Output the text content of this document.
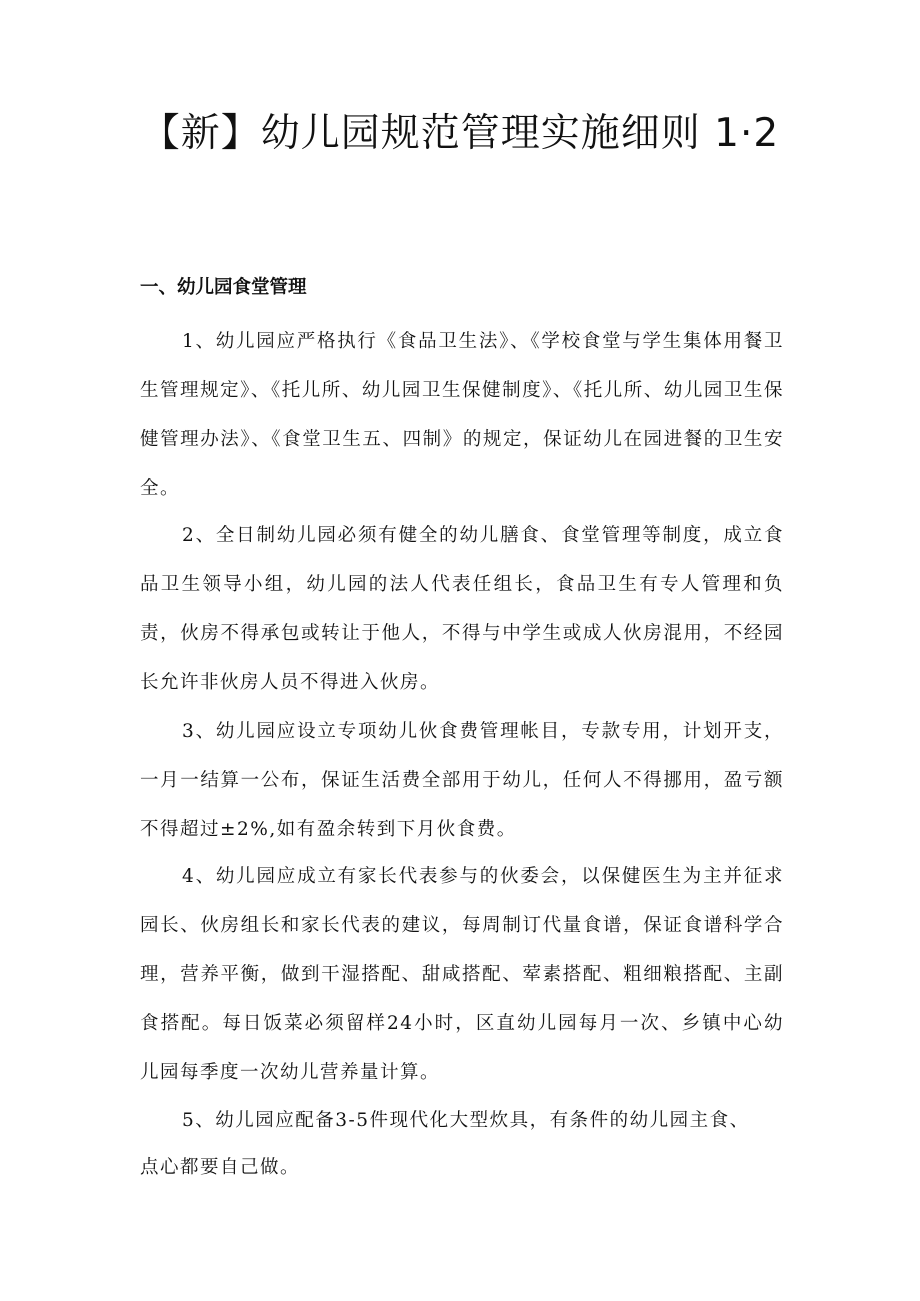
【新】幼儿园规范管理实施细则 1·2
一、幼儿园食堂管理

1、幼儿园应严格执行《食品卫生法》、《学校食堂与学生集体用餐卫生管理规定》、《托儿所、幼儿园卫生保健制度》、《托儿所、幼儿园卫生保健管理办法》、《食堂卫生五、四制》的规定，保证幼儿在园进餐的卫生安全。

2、全日制幼儿园必须有健全的幼儿膳食、食堂管理等制度，成立食品卫生领导小组，幼儿园的法人代表任组长，食品卫生有专人管理和负责，伙房不得承包或转让于他人，不得与中学生或成人伙房混用，不经园长允许非伙房人员不得进入伙房。

3、幼儿园应设立专项幼儿伙食费管理帐目，专款专用，计划开支，一月一结算一公布，保证生活费全部用于幼儿，任何人不得挪用，盈亏额不得超过±2%,如有盈余转到下月伙食费。

4、幼儿园应成立有家长代表参与的伙委会，以保健医生为主并征求园长、伙房组长和家长代表的建议，每周制订代量食谱，保证食谱科学合理，营养平衡，做到干湿搭配、甜咸搭配、荤素搭配、粗细粮搭配、主副食搭配。每日饭菜必须留样24小时，区直幼儿园每月一次、乡镇中心幼儿园每季度一次幼儿营养量计算。

5、幼儿园应配备3-5件现代化大型炊具，有条件的幼儿园主食、

点心都要自己做。
